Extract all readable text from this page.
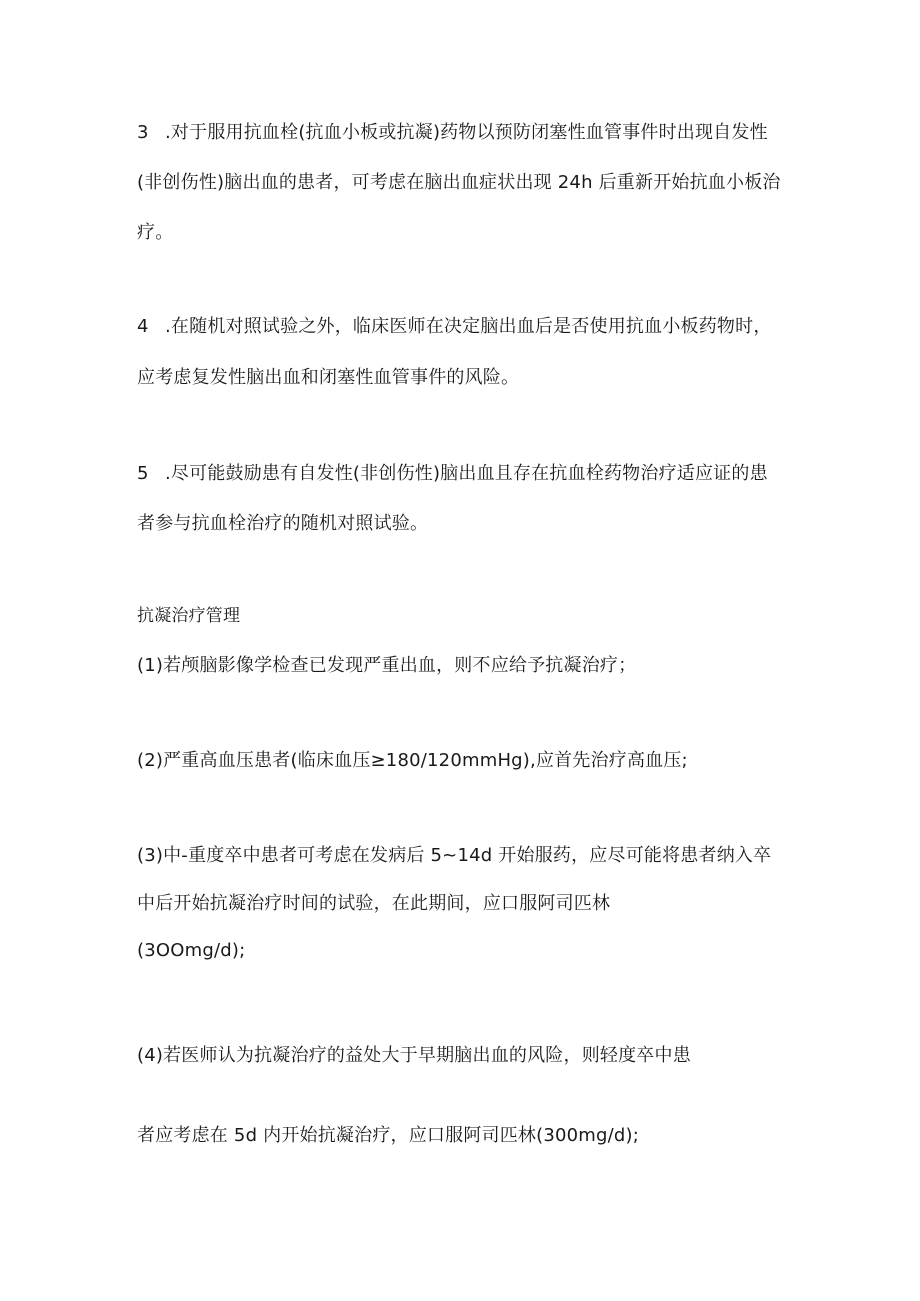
3 .对于服用抗血栓(抗血小板或抗凝)药物以预防闭塞性血管事件时出现自发性
(非创伤性)脑出血的患者，可考虑在脑出血症状出现 24h 后重新开始抗血小板治
疗。
4 .在随机对照试验之外，临床医师在决定脑出血后是否使用抗血小板药物时，
应考虑复发性脑出血和闭塞性血管事件的风险。
5 .尽可能鼓励患有自发性(非创伤性)脑出血且存在抗血栓药物治疗适应证的患
者参与抗血栓治疗的随机对照试验。
抗凝治疗管理
(1)若颅脑影像学检查已发现严重出血，则不应给予抗凝治疗；
(2)严重高血压患者(临床血压≥180/120mmHg),应首先治疗高血压;
(3)中-重度卒中患者可考虑在发病后 5~14d 开始服药，应尽可能将患者纳入卒
中后开始抗凝治疗时间的试验，在此期间，应口服阿司匹林
(3OOmg/d);
(4)若医师认为抗凝治疗的益处大于早期脑出血的风险，则轻度卒中患
者应考虑在 5d 内开始抗凝治疗，应口服阿司匹林(300mg/d);
